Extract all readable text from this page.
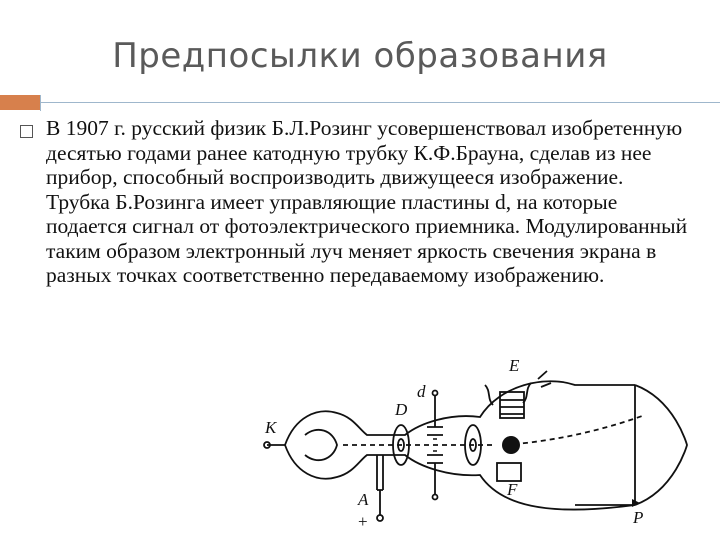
Предпосылки образования
В 1907 г. русский физик Б.Л.Розинг усовершенствовал изобретенную десятью годами ранее катодную трубку К.Ф.Брауна, сделав из нее прибор, способный воспроизводить движущееся изображение. Трубка Б.Розинга имеет управляющие пластины d, на которые подается сигнал от фотоэлектрического приемника. Модулированный таким образом электронный луч меняет яркость свечения экрана в разных точках соответственно передаваемому изображению.
K
A
+
d
D
E
F
P
